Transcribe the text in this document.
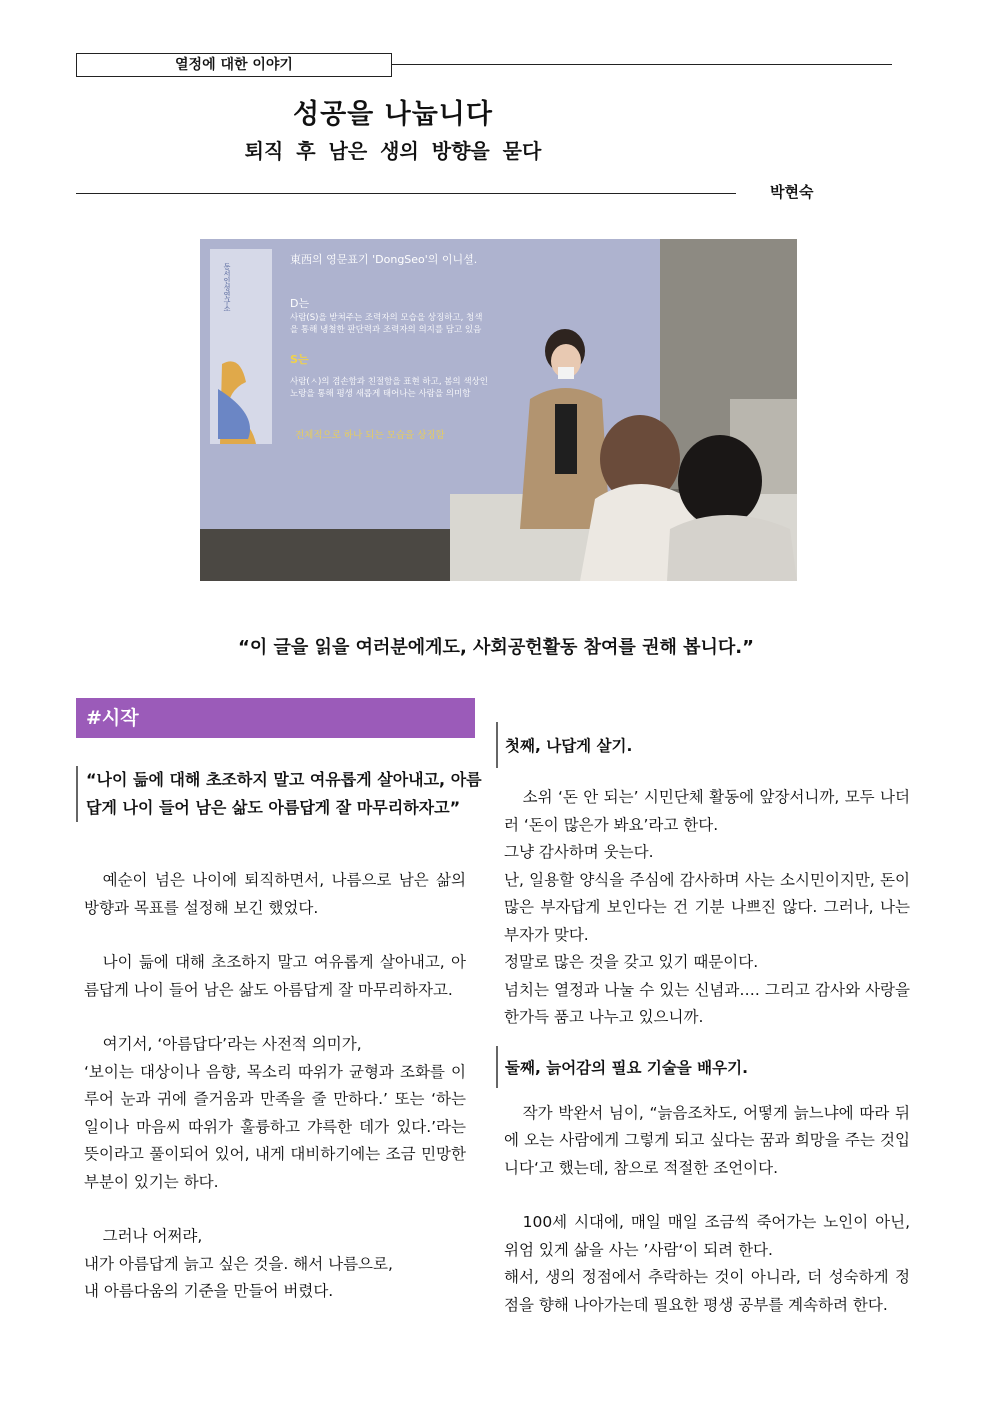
열정에 대한 이야기
성공을 나눕니다
퇴직 후 남은 생의 방향을 묻다
박현숙
東西의 영문표기 'DongSeo'의 이니셜.
D는
사람(S)을 받쳐주는 조력자의 모습을 상징하고, 청색
을 통해 냉철한 판단력과 조력자의 의지를 담고 있음
S는
사람(ㅅ)의 겸손함과 친절함을 표현 하고, 봄의 색상인
노랑을 통해 평생 새롭게 태어나는 사람을 의미함
전체적으로 하나 되는 모습을 상징함
동서인성연구소
“이 글을 읽을 여러분에게도, 사회공헌활동 참여를 권해 봅니다.”
#시작
“나이 듦에 대해 초조하지 말고 여유롭게 살아내고, 아름답게 나이 들어 남은 삶도 아름답게 잘 마무리하자고”

예순이 넘은 나이에 퇴직하면서, 나름으로 남은 삶의 방향과 목표를 설정해 보긴 했었다.

나이 듦에 대해 초조하지 말고 여유롭게 살아내고, 아름답게 나이 들어 남은 삶도 아름답게 잘 마무리하자고.

여기서, ‘아름답다’라는 사전적 의미가,

‘보이는 대상이나 음향, 목소리 따위가 균형과 조화를 이루어 눈과 귀에 즐거움과 만족을 줄 만하다.’ 또는 ‘하는 일이나 마음씨 따위가 훌륭하고 갸륵한 데가 있다.’라는 뜻이라고 풀이되어 있어, 내게 대비하기에는 조금 민망한 부분이 있기는 하다.

그러나 어쩌랴,

내가 아름답게 늙고 싶은 것을. 해서 나름으로,

내 아름다움의 기준을 만들어 버렸다.

첫째, 나답게 살기.

소위 ‘돈 안 되는’ 시민단체 활동에 앞장서니까, 모두 나더러 ‘돈이 많은가 봐요’라고 한다.

그냥 감사하며 웃는다.

난, 일용할 양식을 주심에 감사하며 사는 소시민이지만, 돈이 많은 부자답게 보인다는 건 기분 나쁘진 않다. 그러나, 나는 부자가 맞다.

정말로 많은 것을 갖고 있기 때문이다.

넘치는 열정과 나눌 수 있는 신념과…. 그리고 감사와 사랑을 한가득 품고 나누고 있으니까.

둘째, 늙어감의 필요 기술을 배우기.

작가 박완서 님이, “늙음조차도, 어떻게 늙느냐에 따라 뒤에 오는 사람에게 그렇게 되고 싶다는 꿈과 희망을 주는 것입니다‘고 했는데, 참으로 적절한 조언이다.

100세 시대에, 매일 매일 조금씩 죽어가는 노인이 아닌, 위엄 있게 삶을 사는 ’사람‘이 되려 한다.

해서, 생의 정점에서 추락하는 것이 아니라, 더 성숙하게 정점을 향해 나아가는데 필요한 평생 공부를 계속하려 한다.
